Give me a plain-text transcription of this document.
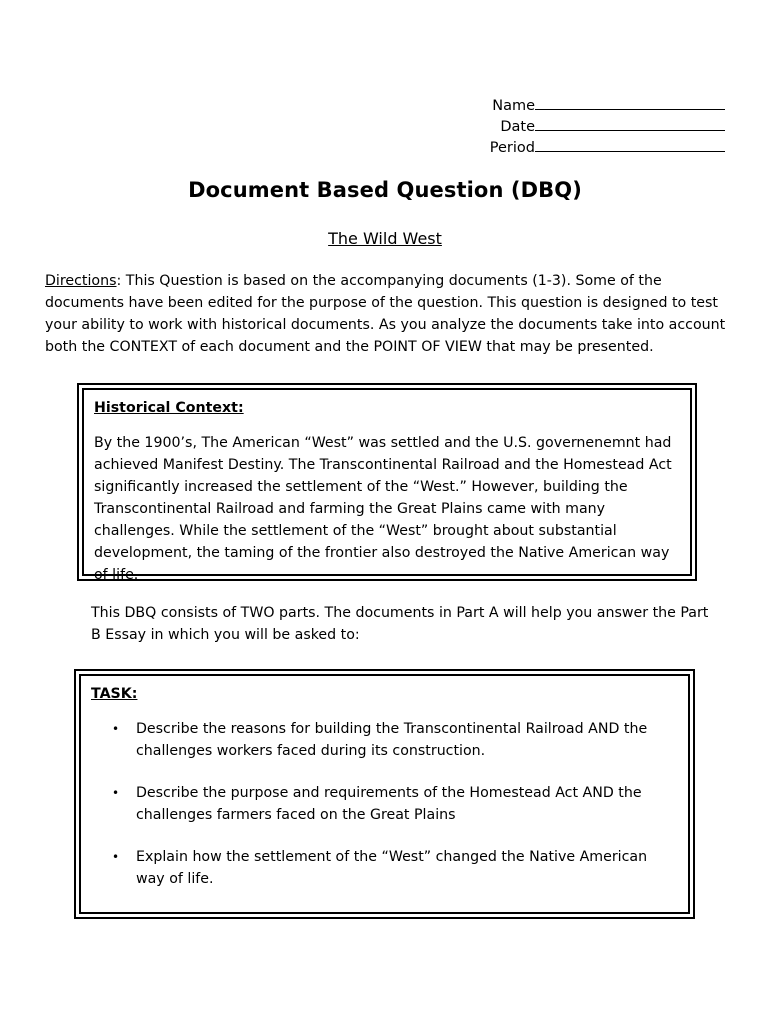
Name
Date
Period
Document Based Question (DBQ)
The Wild West
Directions: This Question is based on the accompanying documents (1-3). Some of the documents have been edited for the purpose of the question. This question is designed to test your ability to work with historical documents. As you analyze the documents take into account both the CONTEXT of each document and the POINT OF VIEW that may be presented.
Historical Context:
By the 1900’s, The American “West” was settled and the U.S. governenemnt had achieved Manifest Destiny. The Transcontinental Railroad and the Homestead Act significantly increased the settlement of the “West.” However, building the Transcontinental Railroad and farming the Great Plains came with many challenges. While the settlement of the “West” brought about substantial development, the taming of the frontier also destroyed the Native American way of life.
This DBQ consists of TWO parts. The documents in Part A will help you answer the Part B Essay in which you will be asked to:
TASK:
• Describe the reasons for building the Transcontinental Railroad AND the challenges workers faced during its construction.
• Describe the purpose and requirements of the Homestead Act AND the challenges farmers faced on the Great Plains
• Explain how the settlement of the “West” changed the Native American way of life.
